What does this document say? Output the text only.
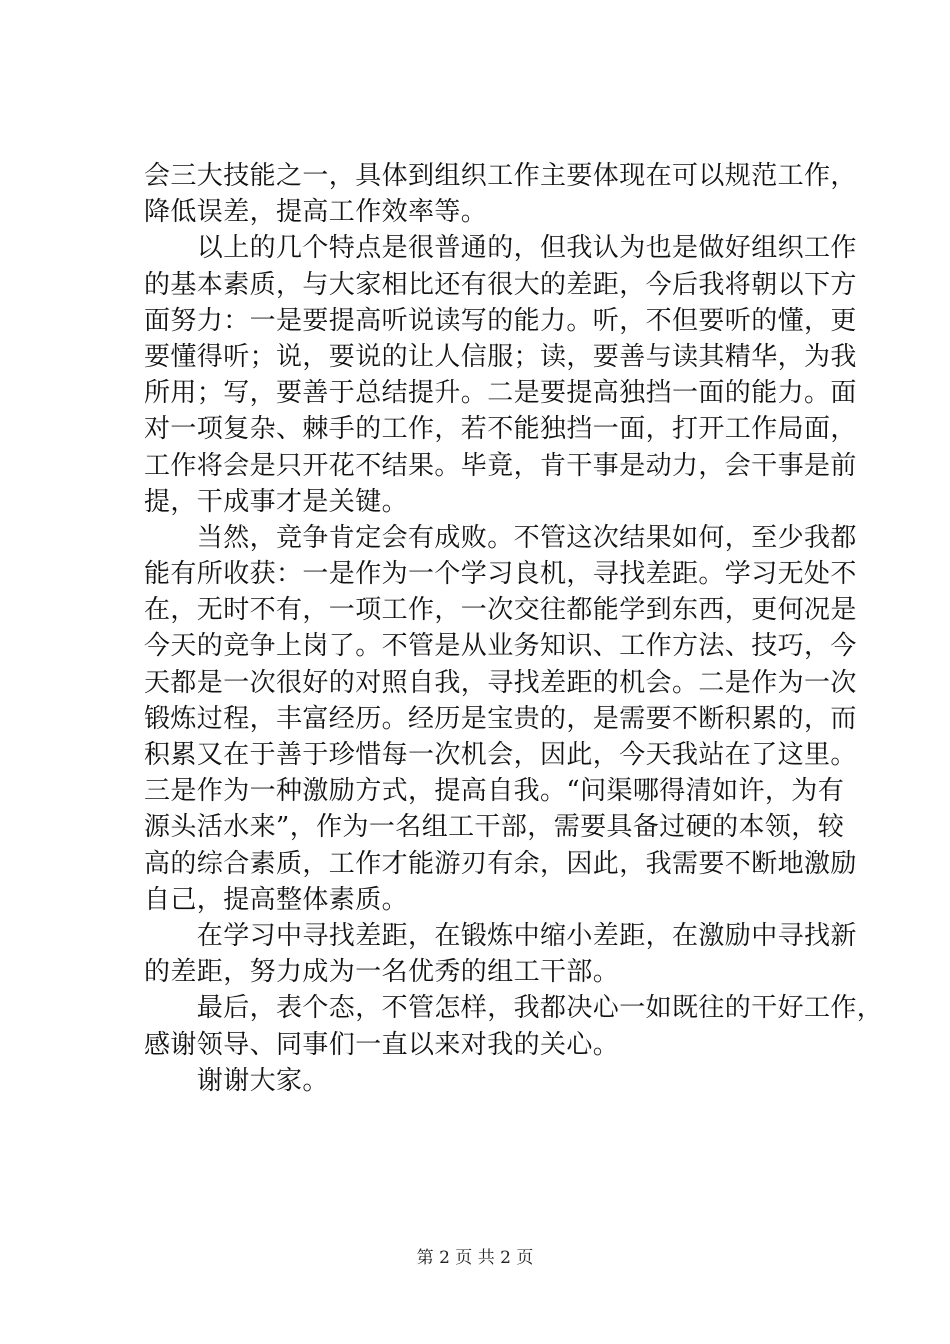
会三大技能之一，具体到组织工作主要体现在可以规范工作，
降低误差，提高工作效率等。
　　以上的几个特点是很普通的，但我认为也是做好组织工作
的基本素质，与大家相比还有很大的差距，今后我将朝以下方
面努力：一是要提高听说读写的能力。听，不但要听的懂，更
要懂得听；说，要说的让人信服；读，要善与读其精华，为我
所用；写，要善于总结提升。二是要提高独挡一面的能力。面
对一项复杂、棘手的工作，若不能独挡一面，打开工作局面，
工作将会是只开花不结果。毕竟，肯干事是动力，会干事是前
提，干成事才是关键。
　　当然，竞争肯定会有成败。不管这次结果如何，至少我都
能有所收获：一是作为一个学习良机，寻找差距。学习无处不
在，无时不有，一项工作，一次交往都能学到东西，更何况是
今天的竞争上岗了。不管是从业务知识、工作方法、技巧，今
天都是一次很好的对照自我，寻找差距的机会。二是作为一次
锻炼过程，丰富经历。经历是宝贵的，是需要不断积累的，而
积累又在于善于珍惜每一次机会，因此，今天我站在了这里。
三是作为一种激励方式，提高自我。“问渠哪得清如许，为有
源头活水来”，作为一名组工干部，需要具备过硬的本领，较
高的综合素质，工作才能游刃有余，因此，我需要不断地激励
自己，提高整体素质。
　　在学习中寻找差距，在锻炼中缩小差距，在激励中寻找新
的差距，努力成为一名优秀的组工干部。
　　最后，表个态，不管怎样，我都决心一如既往的干好工作，
感谢领导、同事们一直以来对我的关心。
　　谢谢大家。
第 2 页 共 2 页
